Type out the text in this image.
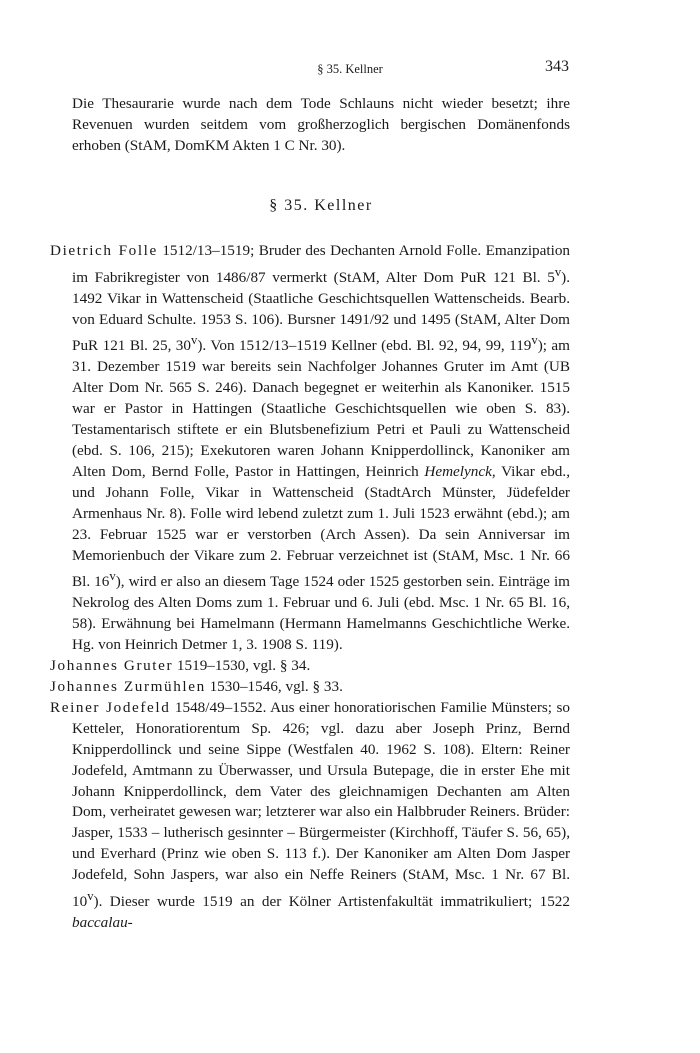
§ 35. Kellner	343

Die Thesaurarie wurde nach dem Tode Schlauns nicht wieder besetzt; ihre Revenuen wurden seitdem vom großherzoglich bergischen Domänenfonds erhoben (StAM, DomKM Akten 1 C Nr. 30).

§ 35. Kellner

Dietrich Folle 1512/13–1519; Bruder des Dechanten Arnold Folle. Emanzipation im Fabrikregister von 1486/87 vermerkt (StAM, Alter Dom PuR 121 Bl. 5$^v$). 1492 Vikar in Wattenscheid (Staatliche Geschichtsquellen Wattenscheids. Bearb. von Eduard Schulte. 1953 S. 106). Bursner 1491/92 und 1495 (StAM, Alter Dom PuR 121 Bl. 25, 30$^v$). Von 1512/13–1519 Kellner (ebd. Bl. 92, 94, 99, 119$^v$); am 31. Dezember 1519 war bereits sein Nachfolger Johannes Gruter im Amt (UB Alter Dom Nr. 565 S. 246). Danach begegnet er weiterhin als Kanoniker. 1515 war er Pastor in Hattingen (Staatliche Geschichtsquellen wie oben S. 83). Testamentarisch stiftete er ein Blutsbenefizium Petri et Pauli zu Wattenscheid (ebd. S. 106, 215); Exekutoren waren Johann Knipperdollinck, Kanoniker am Alten Dom, Bernd Folle, Pastor in Hattingen, Heinrich Hemelynck, Vikar ebd., und Johann Folle, Vikar in Wattenscheid (StadtArch Münster, Jüdefelder Armenhaus Nr. 8). Folle wird lebend zuletzt zum 1. Juli 1523 erwähnt (ebd.); am 23. Februar 1525 war er verstorben (Arch Assen). Da sein Anniversar im Memorienbuch der Vikare zum 2. Februar verzeichnet ist (StAM, Msc. 1 Nr. 66 Bl. 16$^v$), wird er also an diesem Tage 1524 oder 1525 gestorben sein. Einträge im Nekrolog des Alten Doms zum 1. Februar und 6. Juli (ebd. Msc. 1 Nr. 65 Bl. 16, 58). Erwähnung bei Hamelmann (Hermann Hamelmanns Geschichtliche Werke. Hg. von Heinrich Detmer 1, 3. 1908 S. 119).

Johannes Gruter 1519–1530, vgl. § 34.

Johannes Zurmühlen 1530–1546, vgl. § 33.

Reiner Jodefeld 1548/49–1552. Aus einer honoratiorischen Familie Münsters; so Ketteler, Honoratiorentum Sp. 426; vgl. dazu aber Joseph Prinz, Bernd Knipperdollinck und seine Sippe (Westfalen 40. 1962 S. 108). Eltern: Reiner Jodefeld, Amtmann zu Überwasser, und Ursula Butepage, die in erster Ehe mit Johann Knipperdollinck, dem Vater des gleichnamigen Dechanten am Alten Dom, verheiratet gewesen war; letzterer war also ein Halbbruder Reiners. Brüder: Jasper, 1533 – lutherisch gesinnter – Bürgermeister (Kirchhoff, Täufer S. 56, 65), und Everhard (Prinz wie oben S. 113 f.). Der Kanoniker am Alten Dom Jasper Jodefeld, Sohn Jaspers, war also ein Neffe Reiners (StAM, Msc. 1 Nr. 67 Bl. 10$^v$). Dieser wurde 1519 an der Kölner Artistenfakultät immatrikuliert; 1522 baccalau-
